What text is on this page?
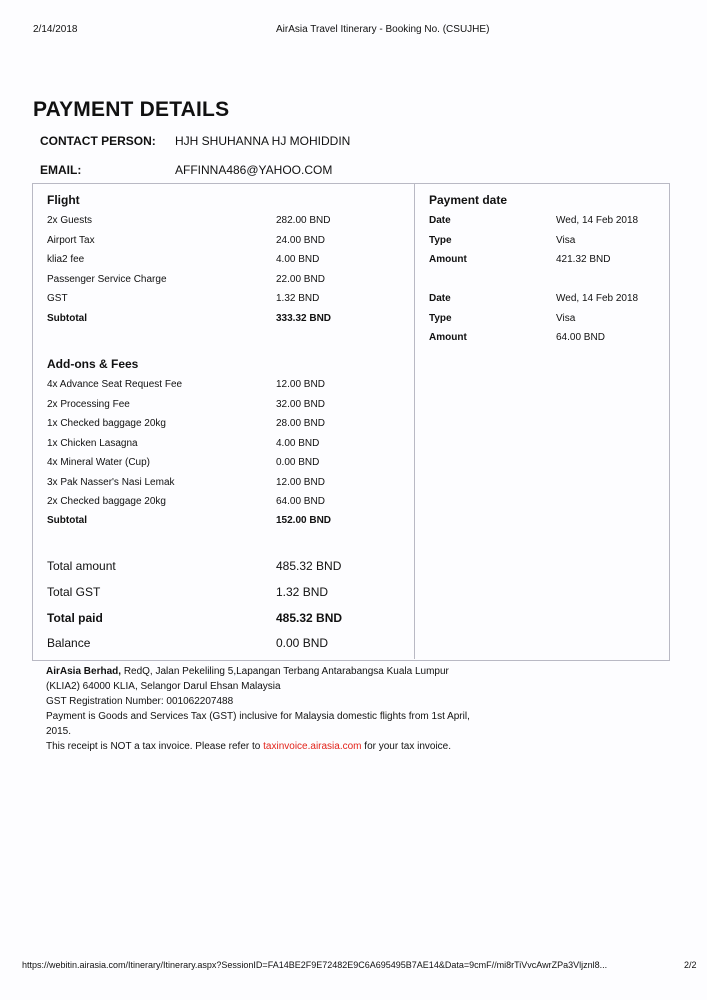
2/14/2018	AirAsia Travel Itinerary - Booking No. (CSUJHE)
PAYMENT DETAILS
CONTACT PERSON: HJH SHUHANNA HJ MOHIDDIN
EMAIL:	AFFINNA486@YAHOO.COM
Flight
2x Guests	282.00 BND
Airport Tax	24.00 BND
klia2 fee	4.00 BND
Passenger Service Charge	22.00 BND
GST	1.32 BND
Subtotal	333.32 BND
Add-ons & Fees
4x Advance Seat Request Fee	12.00 BND
2x Processing Fee	32.00 BND
1x Checked baggage 20kg	28.00 BND
1x Chicken Lasagna	4.00 BND
4x Mineral Water (Cup)	0.00 BND
3x Pak Nasser's Nasi Lemak	12.00 BND
2x Checked baggage 20kg	64.00 BND
Subtotal	152.00 BND
Total amount	485.32 BND
Total GST	1.32 BND
Total paid	485.32 BND
Balance	0.00 BND
Payment date
Date	Wed, 14 Feb 2018
Type	Visa
Amount	421.32 BND
Date	Wed, 14 Feb 2018
Type	Visa
Amount	64.00 BND
AirAsia Berhad, RedQ, Jalan Pekeliling 5,Lapangan Terbang Antarabangsa Kuala Lumpur
(KLIA2) 64000 KLIA, Selangor Darul Ehsan Malaysia
GST Registration Number: 001062207488
Payment is Goods and Services Tax (GST) inclusive for Malaysia domestic flights from 1st April,
2015.
This receipt is NOT a tax invoice. Please refer to taxinvoice.airasia.com for your tax invoice.
https://webitin.airasia.com/Itinerary/Itinerary.aspx?SessionID=FA14BE2F9E72482E9C6A695495B7AE14&Data=9cmF//mi8rTiVvcAwrZPa3Vljznl8...	2/2
